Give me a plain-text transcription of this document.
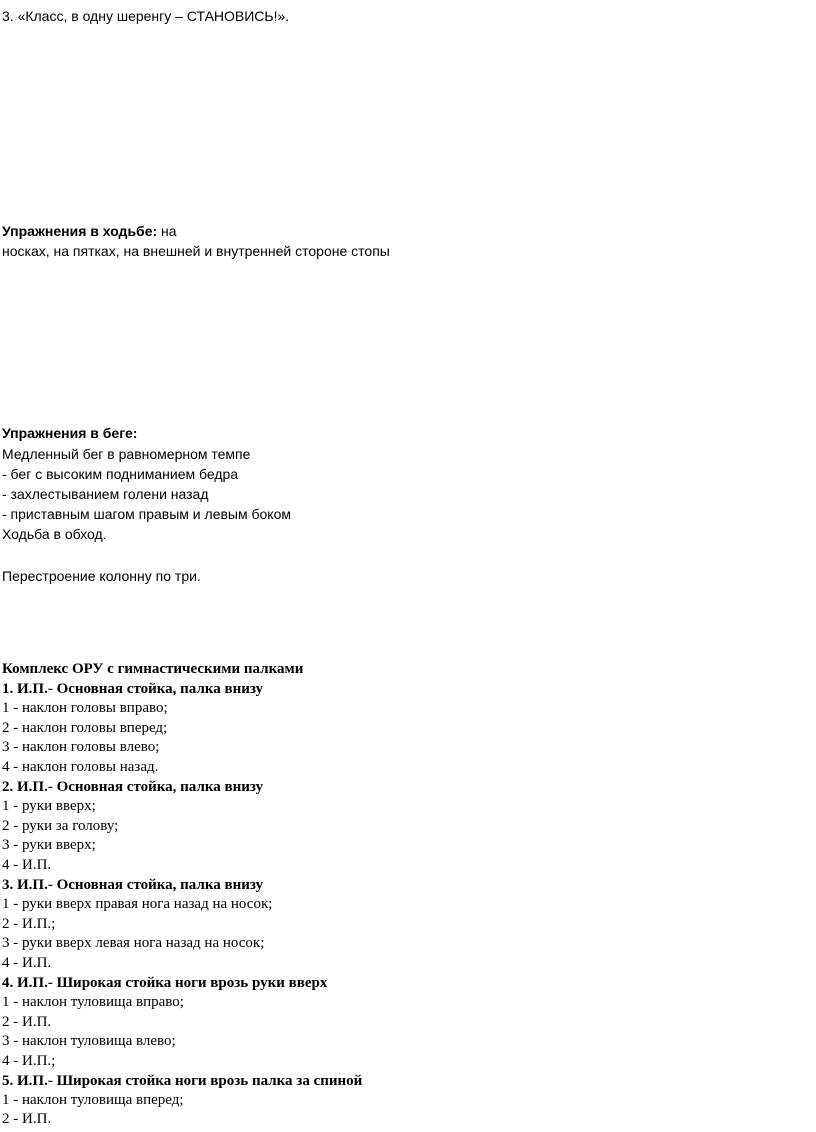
3. «Класс, в одну шеренгу – СТАНОВИСЬ!».
Упражнения в ходьбе: на
носках, на пятках, на внешней и внутренней стороне стопы
Упражнения в беге:
Медленный бег в равномерном темпе
- бег с высоким подниманием бедра
- захлестыванием голени назад
- приставным шагом правым и левым боком
Ходьба в обход.
Перестроение колонну по три.
Комплекс ОРУ с гимнастическими палками
1. И.П.- Основная стойка, палка внизу
1 - наклон головы вправо;
2 - наклон головы вперед;
3 - наклон головы влево;
4 - наклон головы назад.
2. И.П.- Основная стойка, палка внизу
1 - руки вверх;
2 - руки за голову;
3 - руки вверх;
4 - И.П.
3. И.П.- Основная стойка, палка внизу
1 - руки вверх правая нога назад на носок;
2 - И.П.;
3 - руки вверх левая нога назад на носок;
4 - И.П.
4. И.П.- Широкая стойка ноги врозь руки вверх
1 - наклон туловища вправо;
2 - И.П.
3 - наклон туловища влево;
4 - И.П.;
5. И.П.- Широкая стойка ноги врозь палка за спиной
1 - наклон туловища вперед;
2 - И.П.
